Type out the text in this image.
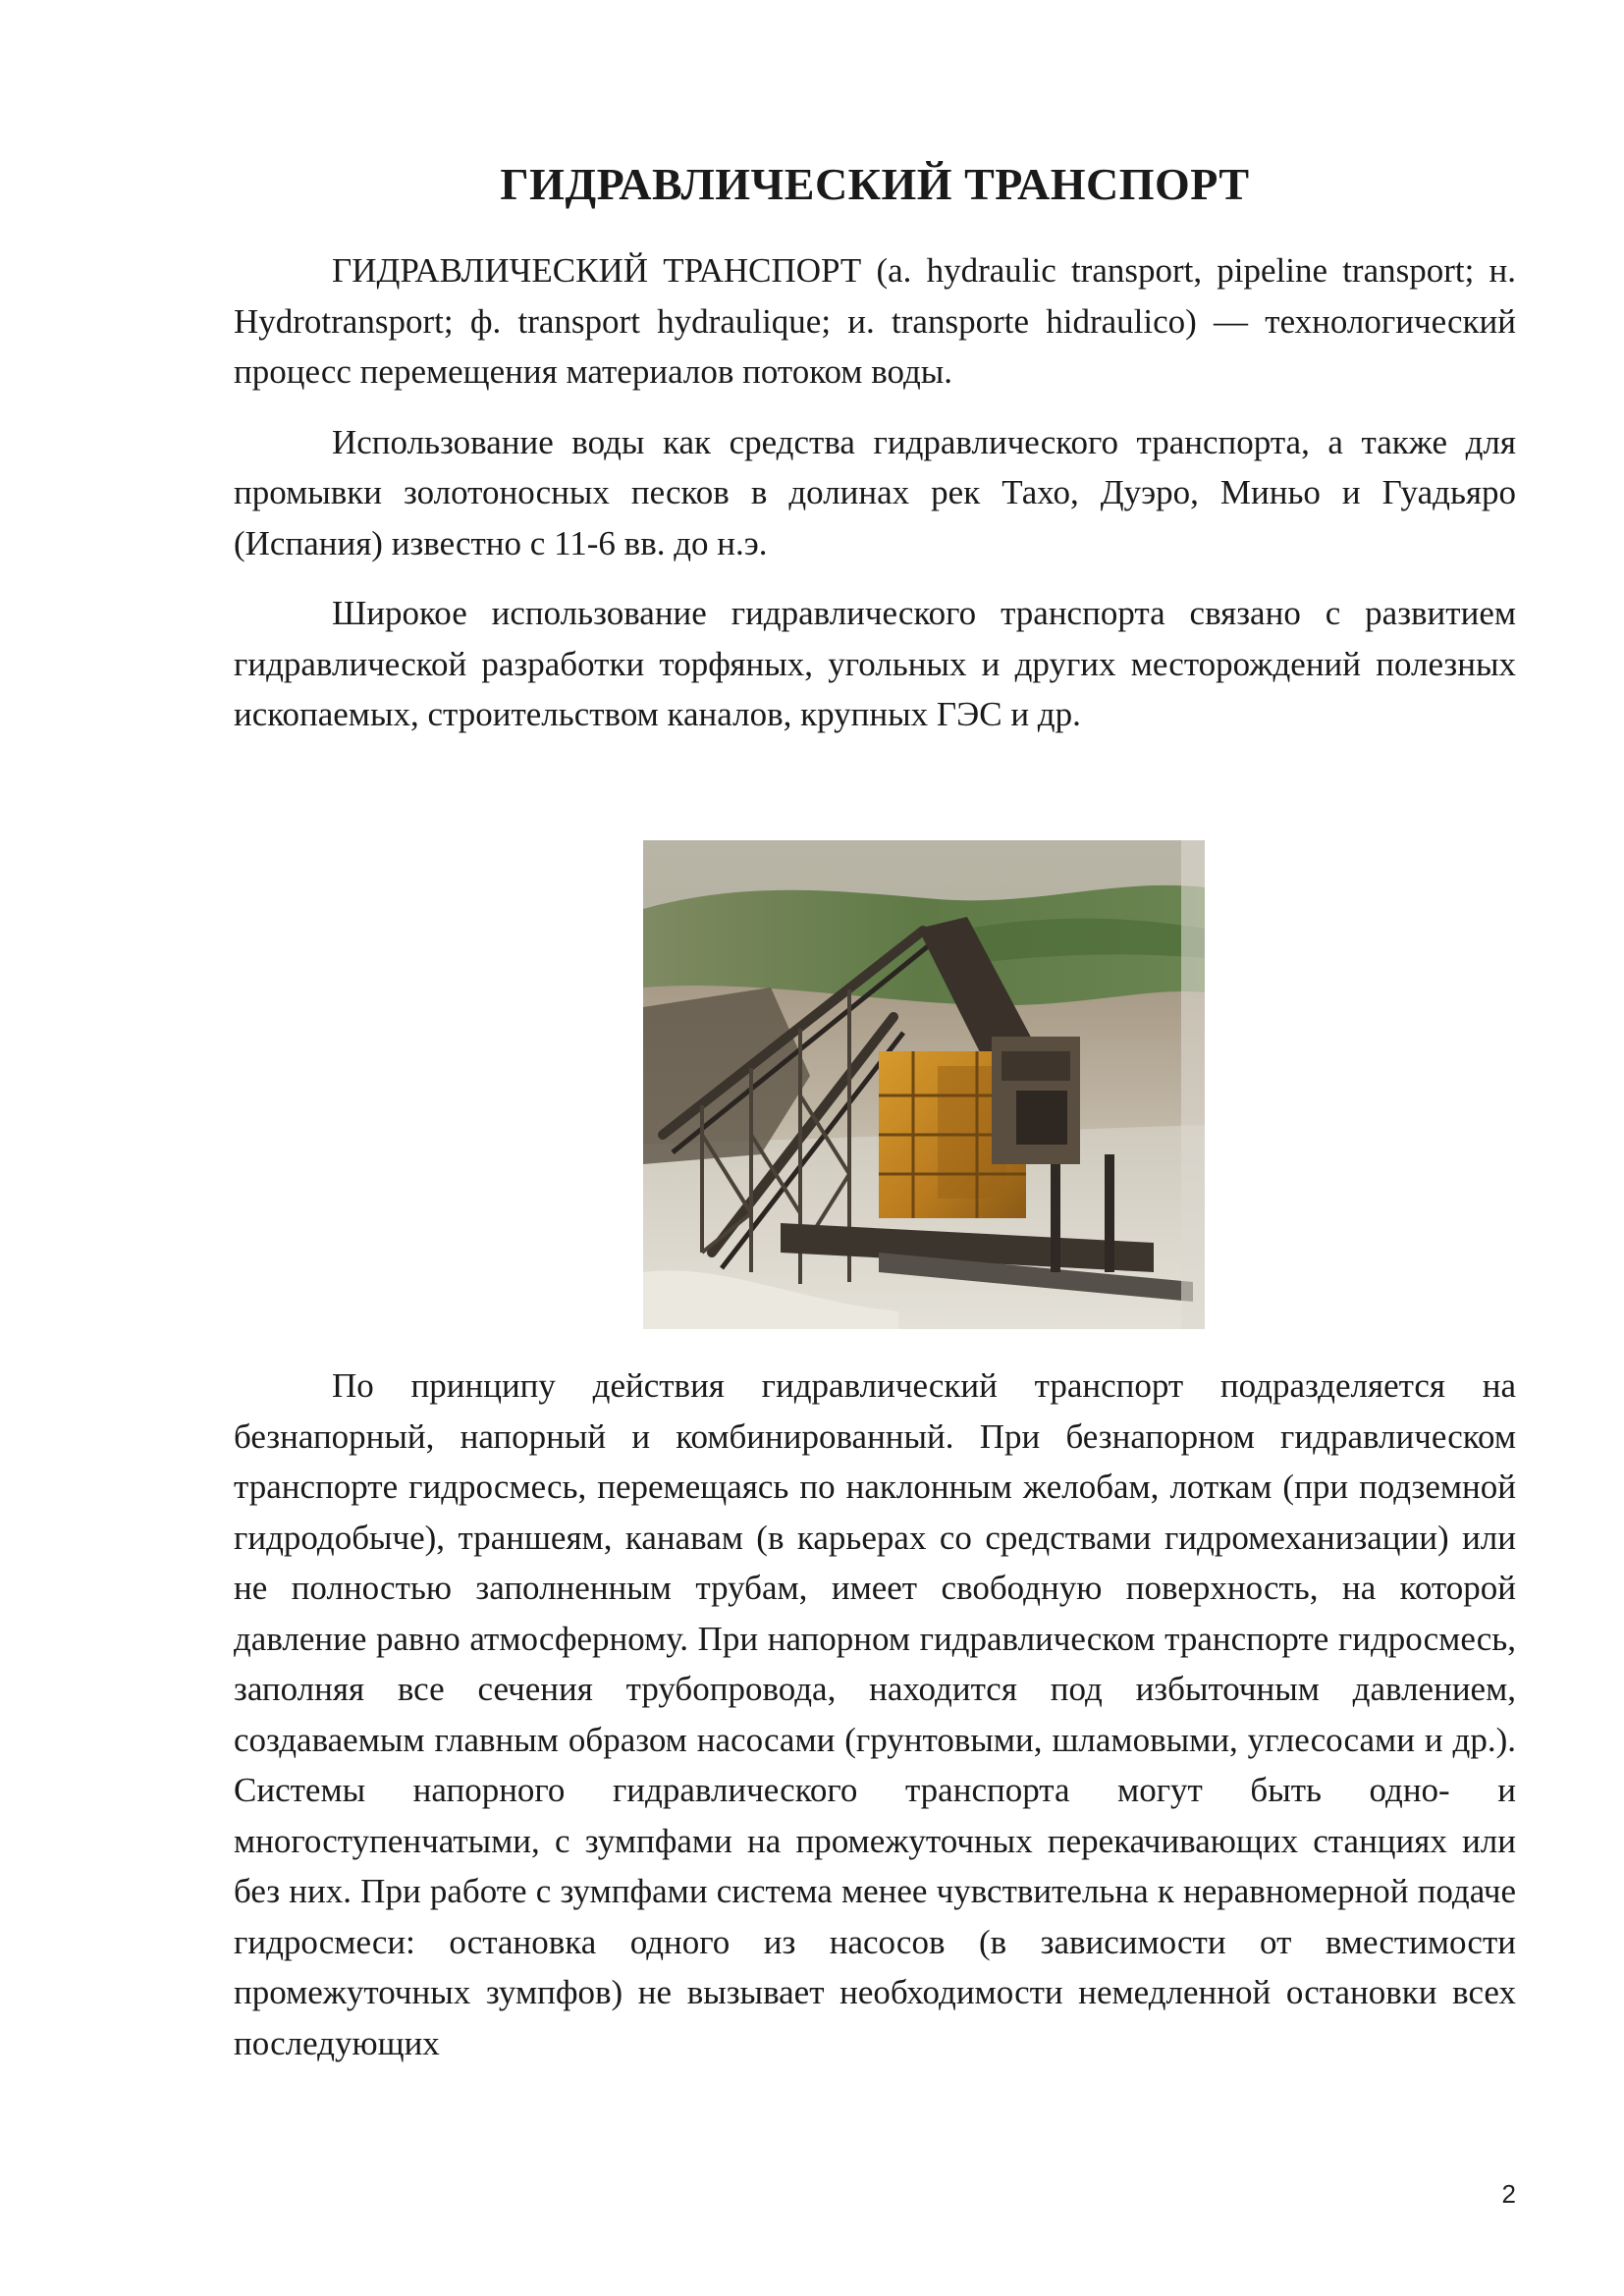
ГИДРАВЛИЧЕСКИЙ ТРАНСПОРТ

ГИДРАВЛИЧЕСКИЙ ТРАНСПОРТ (а. hydraulic transport, pipeline transport; н. Hydrotransport; ф. transport hydraulique; и. transporte hidraulico) — технологический процесс перемещения материалов потоком воды.

Использование воды как средства гидравлического транспорта, а также для промывки золотоносных песков в долинах рек Тахо, Дуэро, Миньо и Гуадьяро (Испания) известно с 11-6 вв. до н.э.

Широкое использование гидравлического транспорта связано с развитием гидравлической разработки торфяных, угольных и других месторождений полезных ископаемых, строительством каналов, крупных ГЭС и др.

По принципу действия гидравлический транспорт подразделяется на безнапорный, напорный и комбинированный. При безнапорном гидравлическом транспорте гидросмесь, перемещаясь по наклонным желобам, лоткам (при подземной гидродобыче), траншеям, канавам (в карьерах со средствами гидромеханизации) или не полностью заполненным трубам, имеет свободную поверхность, на которой давление равно атмосферному. При напорном гидравлическом транспорте гидросмесь, заполняя все сечения трубопровода, находится под избыточным давлением, создаваемым главным образом насосами (грунтовыми, шламовыми, углесосами и др.). Системы напорного гидравлического транспорта могут быть одно- и многоступенчатыми, с зумпфами на промежуточных перекачивающих станциях или без них. При работе с зумпфами система менее чувствительна к неравномерной подаче гидросмеси: остановка одного из насосов (в зависимости от вместимости промежуточных зумпфов) не вызывает необходимости немедленной остановки всех последующих

2
